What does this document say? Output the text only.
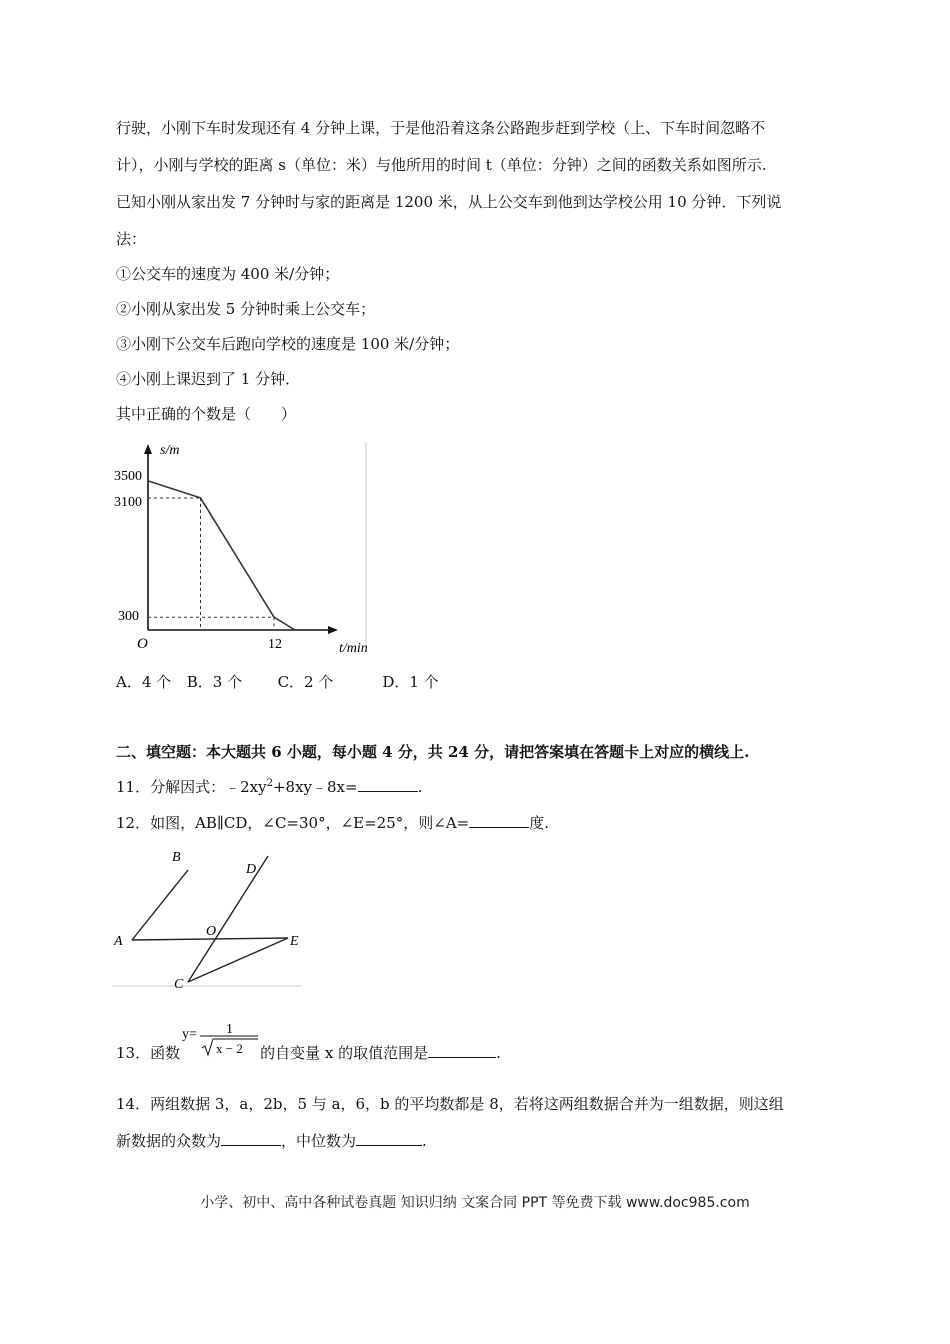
行驶，小刚下车时发现还有 4 分钟上课，于是他沿着这条公路跑步赶到学校（上、下车时间忽略不
计），小刚与学校的距离 s（单位：米）与他所用的时间 t（单位：分钟）之间的函数关系如图所示.
已知小刚从家出发 7 分钟时与家的距离是 1200 米，从上公交车到他到达学校公用 10 分钟．下列说
法：
①公交车的速度为 400 米/分钟；
②小刚从家出发 5 分钟时乘上公交车；
③小刚下公交车后跑向学校的速度是 100 米/分钟；
④小刚上课迟到了 1 分钟．
其中正确的个数是（　　）
s/m
t/min
O
3500
3100
300
12
A．4 个 B．3 个 C．2 个	D．1 个
二、填空题：本大题共 6 小题，每小题 4 分，共 24 分，请把答案填在答题卡上对应的横线上.
11．分解因式：$﹣2xy^2+8xy﹣8x=$	.
12．如图，AB∥CD，∠C=30°，∠E=25°，则∠A=	度.
A
B
C
D
E
O
13．函数
y= 1
x − 2 的自变量 x 的取值范围是	.
14．两组数据 3，a，2b，5 与 a，6，b 的平均数都是 8，若将这两组数据合并为一组数据，则这组
新数据的众数为	，中位数为	.
小学、初中、高中各种试卷真题 知识归纳 文案合同 PPT 等免费下载 www.doc985.com
